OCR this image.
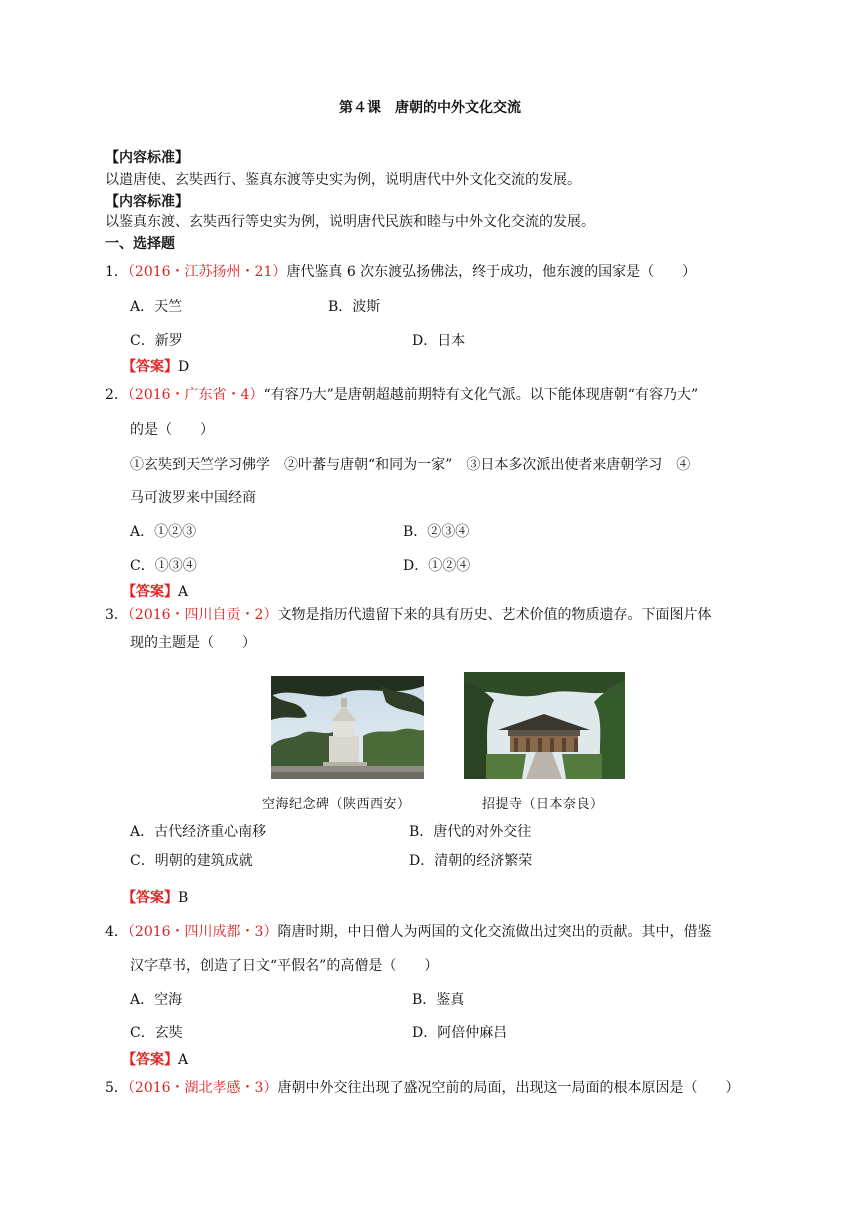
第４课　唐朝的中外文化交流
【内容标准】
以遣唐使、玄奘西行、鉴真东渡等史实为例，说明唐代中外文化交流的发展。
【内容标准】
以鉴真东渡、玄奘西行等史实为例，说明唐代民族和睦与中外文化交流的发展。
一、选择题
1．（2016・江苏扬州・21）唐代鉴真 6 次东渡弘扬佛法，终于成功，他东渡的国家是（　　）
A．天竺	B．波斯
C．新罗	D．日本
【答案】D
2．（2016・广东省・4）“有容乃大”是唐朝超越前期特有文化气派。以下能体现唐朝“有容乃大”
的是（　　）
①玄奘到天竺学习佛学　②叶蕃与唐朝“和同为一家”　③日本多次派出使者来唐朝学习　④
马可波罗来中国经商
A．①②③	B．②③④
C．①③④	D．①②④
【答案】A
3．（2016・四川自贡・2）文物是指历代遗留下来的具有历史、艺术价值的物质遗存。下面图片体
现的主题是（　　）
空海纪念碑（陕西西安）	招提寺（日本奈良）
A．古代经济重心南移	B．唐代的对外交往
C．明朝的建筑成就	D．清朝的经济繁荣
【答案】B
4．（2016・四川成都・3）隋唐时期，中日僧人为两国的文化交流做出过突出的贡献。其中，借鉴
汉字草书，创造了日文“平假名”的高僧是（　　）
A．空海	B．鉴真
C．玄奘	D．阿倍仲麻吕
【答案】A
5．（2016・湖北孝感・3）唐朝中外交往出现了盛况空前的局面，出现这一局面的根本原因是（　　）
